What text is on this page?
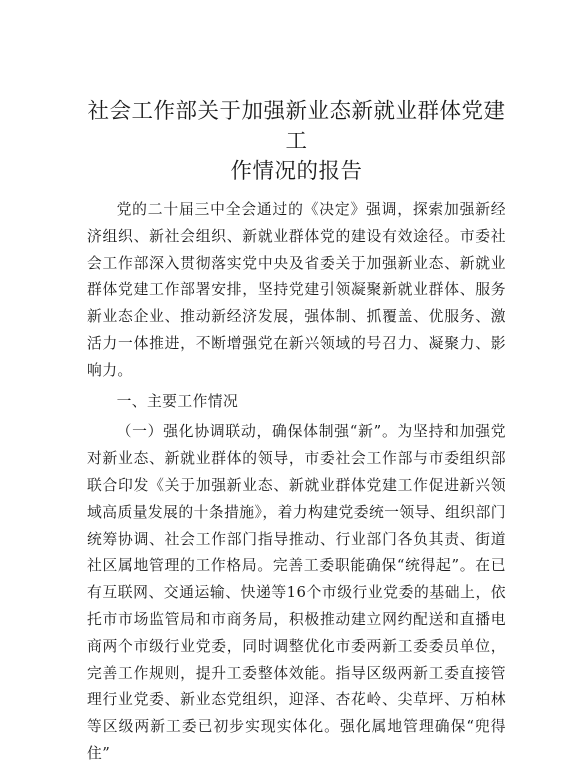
社会工作部关于加强新业态新就业群体党建工
作情况的报告

党的二十届三中全会通过的《决定》强调，探索加强新经济组织、新社会组织、新就业群体党的建设有效途径。市委社会工作部深入贯彻落实党中央及省委关于加强新业态、新就业群体党建工作部署安排，坚持党建引领凝聚新就业群体、服务新业态企业、推动新经济发展，强体制、抓覆盖、优服务、激活力一体推进，不断增强党在新兴领域的号召力、凝聚力、影响力。

一、主要工作情况

（一）强化协调联动，确保体制强“新”。为坚持和加强党对新业态、新就业群体的领导，市委社会工作部与市委组织部联合印发《关于加强新业态、新就业群体党建工作促进新兴领域高质量发展的十条措施》，着力构建党委统一领导、组织部门统筹协调、社会工作部门指导推动、行业部门各负其责、街道社区属地管理的工作格局。完善工委职能确保“统得起”。在已有互联网、交通运输、快递等16个市级行业党委的基础上，依托市市场监管局和市商务局，积极推动建立网约配送和直播电商两个市级行业党委，同时调整优化市委两新工委委员单位，完善工作规则，提升工委整体效能。指导区级两新工委直接管理行业党委、新业态党组织，迎泽、杏花岭、尖草坪、万柏林等区级两新工委已初步实现实体化。强化属地管理确保“兜得住”
